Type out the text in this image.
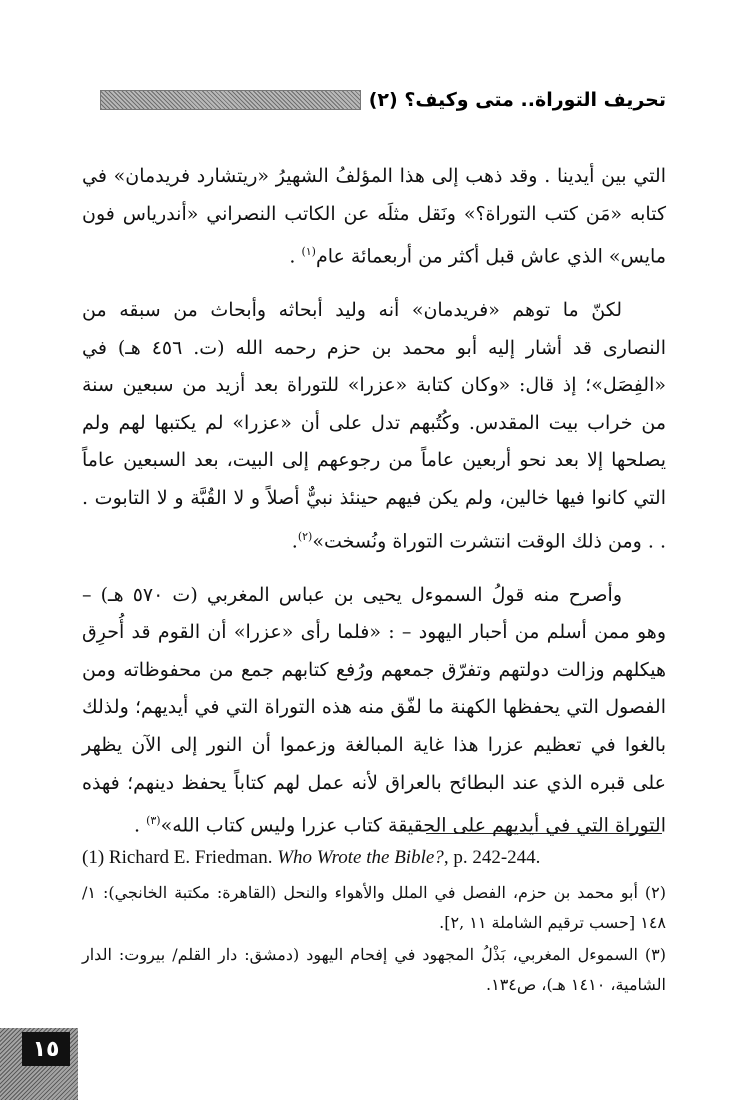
تحريف التوراة.. متى وكيف؟ (٢)

التي بين أيدينا . وقد ذهب إلى هذا المؤلفُ الشهيرُ «ريتشارد فريدمان» في كتابه «مَن كتب التوراة؟» ونَقل مثلَه عن الكاتب النصراني «أندرياس فون مايس» الذي عاش قبل أكثر من أربعمائة عام$^{(١)}$ .

لكنّ ما توهم «فريدمان» أنه وليد أبحاثه وأبحاث من سبقه من النصارى قد أشار إليه أبو محمد بن حزم رحمه الله (ت. ٤٥٦ هـ) في «الفِصَل»؛ إذ قال: «وكان كتابة «عزرا» للتوراة بعد أزيد من سبعين سنة من خراب بيت المقدس. وكُتُبهم تدل على أن «عزرا» لم يكتبها لهم ولم يصلحها إلا بعد نحو أربعين عاماً من رجوعهم إلى البيت، بعد السبعين عاماً التي كانوا فيها خالين، ولم يكن فيهم حينئذ نبيٌّ أصلاً و لا القُبَّة و لا التابوت . . . ومن ذلك الوقت انتشرت التوراة ونُسخت»$^{(٢)}$.

وأصرح منه قولُ السموءل يحيى بن عباس المغربي (ت ٥٧٠ هـ) – وهو ممن أسلم من أحبار اليهود – : «فلما رأى «عزرا» أن القوم قد أُحرِق هيكلهم وزالت دولتهم وتفرّق جمعهم ورُفع كتابهم جمع من محفوظاته ومن الفصول التي يحفظها الكهنة ما لفّق منه هذه التوراة التي في أيديهم؛ ولذلك بالغوا في تعظيم عزرا هذا غاية المبالغة وزعموا أن النور إلى الآن يظهر على قبره الذي عند البطائح بالعراق لأنه عمل لهم كتاباً يحفظ دينهم؛ فهذه التوراة التي في أيديهم على الحقيقة كتاب عزرا وليس كتاب الله»$^{(٣)}$ .

(1) Richard E. Friedman. Who Wrote the Bible?, p. 242-244.

(٢) أبو محمد بن حزم، الفصل في الملل والأهواء والنحل (القاهرة: مكتبة الخانجي): ١/ ١٤٨ [حسب ترقيم الشاملة ١١ ,٢].

(٣) السموءل المغربي، بَذْلُ المجهود في إفحام اليهود (دمشق: دار القلم/ بيروت: الدار الشامية، ١٤١٠ هـ)، ص١٣٤.

١٥
